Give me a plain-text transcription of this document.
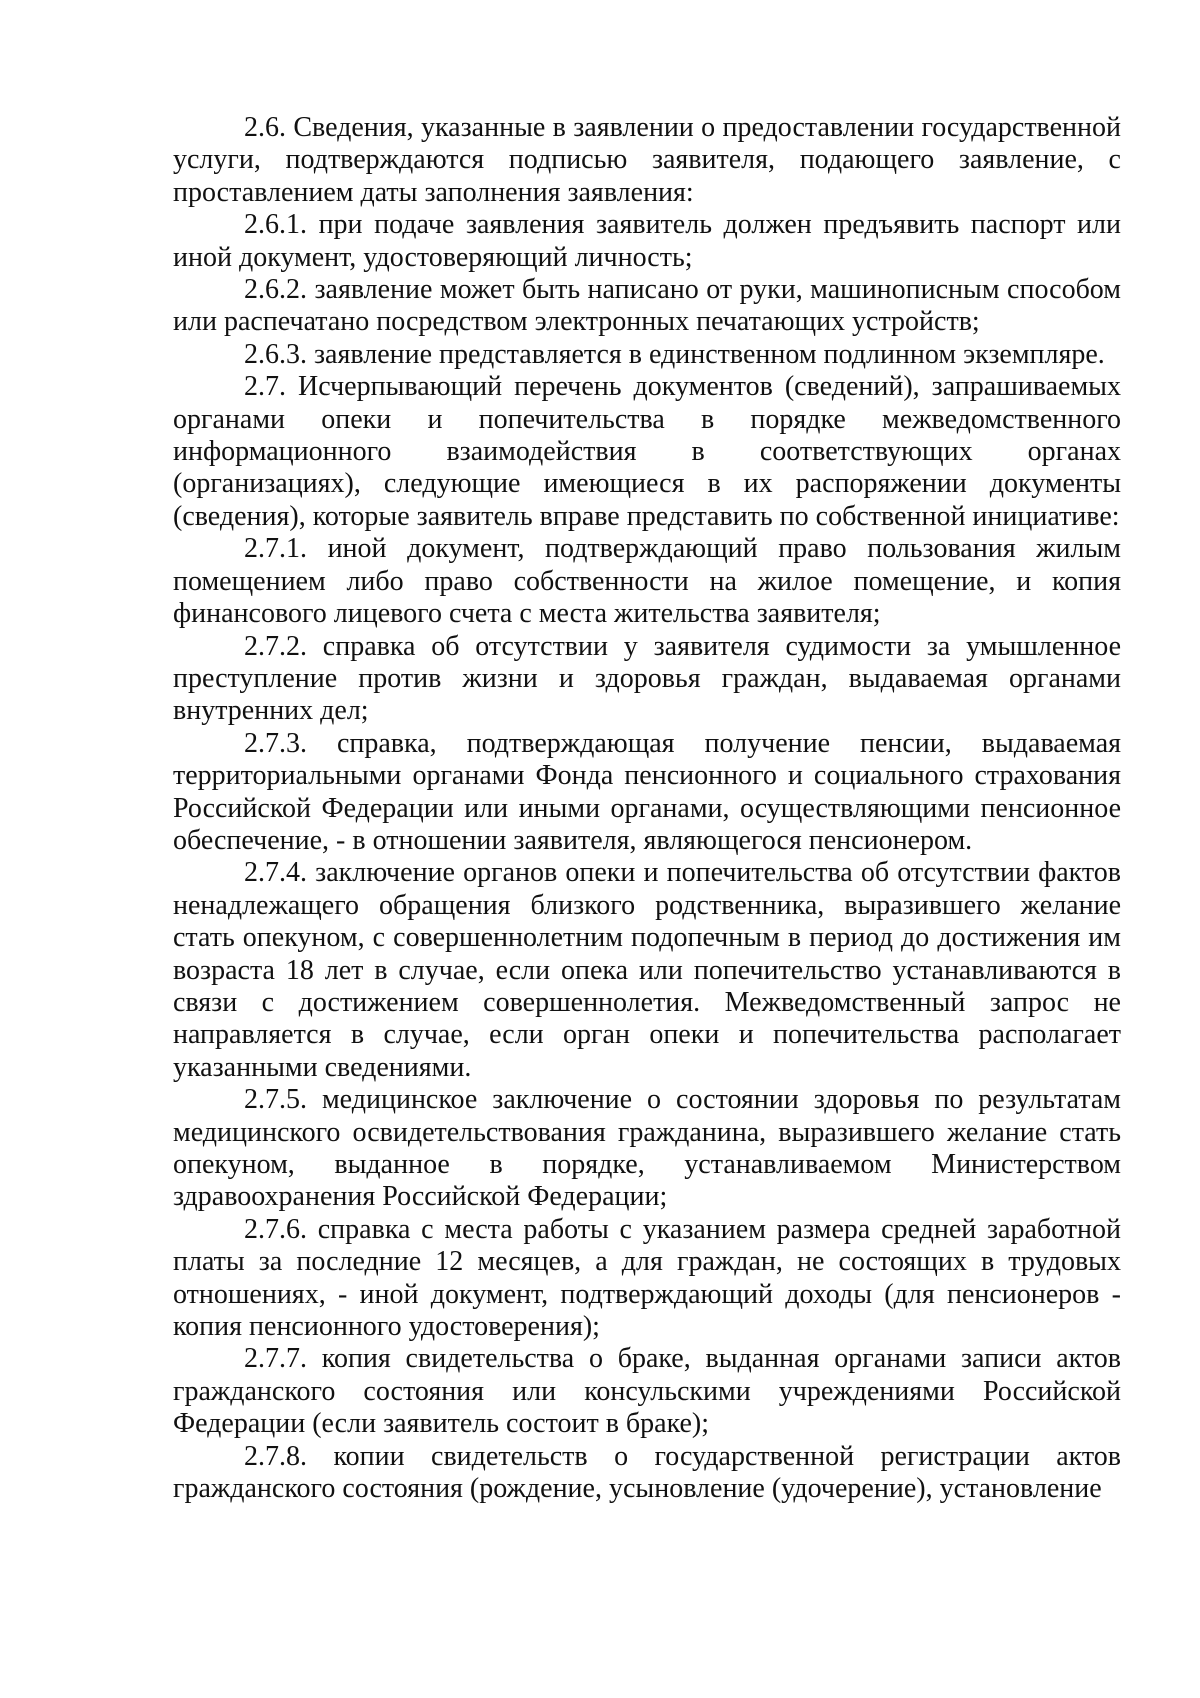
2.6. Сведения, указанные в заявлении о предоставлении государственной услуги, подтверждаются подписью заявителя, подающего заявление, с проставлением даты заполнения заявления:

2.6.1. при подаче заявления заявитель должен предъявить паспорт или иной документ, удостоверяющий личность;

2.6.2. заявление может быть написано от руки, машинописным способом или распечатано посредством электронных печатающих устройств;

2.6.3. заявление представляется в единственном подлинном экземпляре.

2.7. Исчерпывающий перечень документов (сведений), запрашиваемых органами опеки и попечительства в порядке межведомственного информационного взаимодействия в соответствующих органах (организациях), следующие имеющиеся в их распоряжении документы (сведения), которые заявитель вправе представить по собственной инициативе:

2.7.1. иной документ, подтверждающий право пользования жилым помещением либо право собственности на жилое помещение, и копия финансового лицевого счета с места жительства заявителя;

2.7.2. справка об отсутствии у заявителя судимости за умышленное преступление против жизни и здоровья граждан, выдаваемая органами внутренних дел;

2.7.3. справка, подтверждающая получение пенсии, выдаваемая территориальными органами Фонда пенсионного и социального страхования Российской Федерации или иными органами, осуществляющими пенсионное обеспечение, - в отношении заявителя, являющегося пенсионером.

2.7.4. заключение органов опеки и попечительства об отсутствии фактов ненадлежащего обращения близкого родственника, выразившего желание стать опекуном, с совершеннолетним подопечным в период до достижения им возраста 18 лет в случае, если опека или попечительство устанавливаются в связи с достижением совершеннолетия. Межведомственный запрос не направляется в случае, если орган опеки и попечительства располагает указанными сведениями.

2.7.5. медицинское заключение о состоянии здоровья по результатам медицинского освидетельствования гражданина, выразившего желание стать опекуном, выданное в порядке, устанавливаемом Министерством здравоохранения Российской Федерации;

2.7.6. справка с места работы с указанием размера средней заработной платы за последние 12 месяцев, а для граждан, не состоящих в трудовых отношениях, - иной документ, подтверждающий доходы (для пенсионеров - копия пенсионного удостоверения);

2.7.7. копия свидетельства о браке, выданная органами записи актов гражданского состояния или консульскими учреждениями Российской Федерации (если заявитель состоит в браке);

2.7.8. копии свидетельств о государственной регистрации актов гражданского состояния (рождение, усыновление (удочерение), установление
